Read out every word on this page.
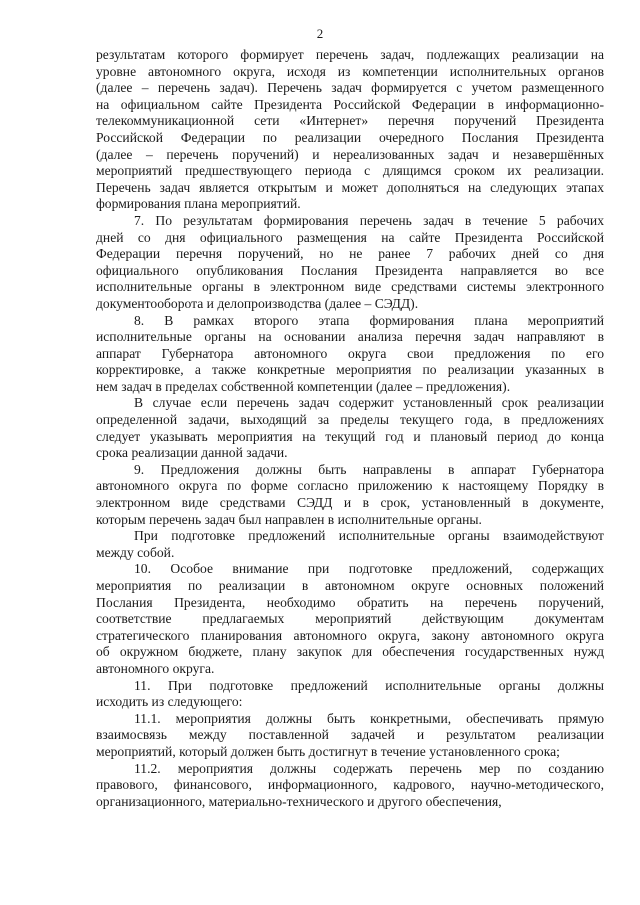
2
результатам которого формирует перечень задач, подлежащих реализации на
уровне автономного округа, исходя из компетенции исполнительных органов
(далее – перечень задач). Перечень задач формируется с учетом размещенного
на официальном сайте Президента Российской Федерации в информационно-
телекоммуникационной сети «Интернет» перечня поручений Президента
Российской Федерации по реализации очередного Послания Президента
(далее – перечень поручений) и нереализованных задач и незавершённых
мероприятий предшествующего периода с длящимся сроком их реализации.
Перечень задач является открытым и может дополняться на следующих этапах
формирования плана мероприятий.
7. По результатам формирования перечень задач в течение 5 рабочих
дней со дня официального размещения на сайте Президента Российской
Федерации перечня поручений, но не ранее 7 рабочих дней со дня
официального опубликования Послания Президента направляется во все
исполнительные органы в электронном виде средствами системы электронного
документооборота и делопроизводства (далее – СЭДД).
8. В рамках второго этапа формирования плана мероприятий
исполнительные органы на основании анализа перечня задач направляют в
аппарат Губернатора автономного округа свои предложения по его
корректировке, а также конкретные мероприятия по реализации указанных в
нем задач в пределах собственной компетенции (далее – предложения).
В случае если перечень задач содержит установленный срок реализации
определенной задачи, выходящий за пределы текущего года, в предложениях
следует указывать мероприятия на текущий год и плановый период до конца
срока реализации данной задачи.
9. Предложения должны быть направлены в аппарат Губернатора
автономного округа по форме согласно приложению к настоящему Порядку в
электронном виде средствами СЭДД и в срок, установленный в документе,
которым перечень задач был направлен в исполнительные органы.
При подготовке предложений исполнительные органы взаимодействуют
между собой.
10. Особое внимание при подготовке предложений, содержащих
мероприятия по реализации в автономном округе основных положений
Послания Президента, необходимо обратить на перечень поручений,
соответствие предлагаемых мероприятий действующим документам
стратегического планирования автономного округа, закону автономного округа
об окружном бюджете, плану закупок для обеспечения государственных нужд
автономного округа.
11. При подготовке предложений исполнительные органы должны
исходить из следующего:
11.1. мероприятия должны быть конкретными, обеспечивать прямую
взаимосвязь между поставленной задачей и результатом реализации
мероприятий, который должен быть достигнут в течение установленного срока;
11.2. мероприятия должны содержать перечень мер по созданию
правового, финансового, информационного, кадрового, научно-методического,
организационного, материально-технического и другого обеспечения,
